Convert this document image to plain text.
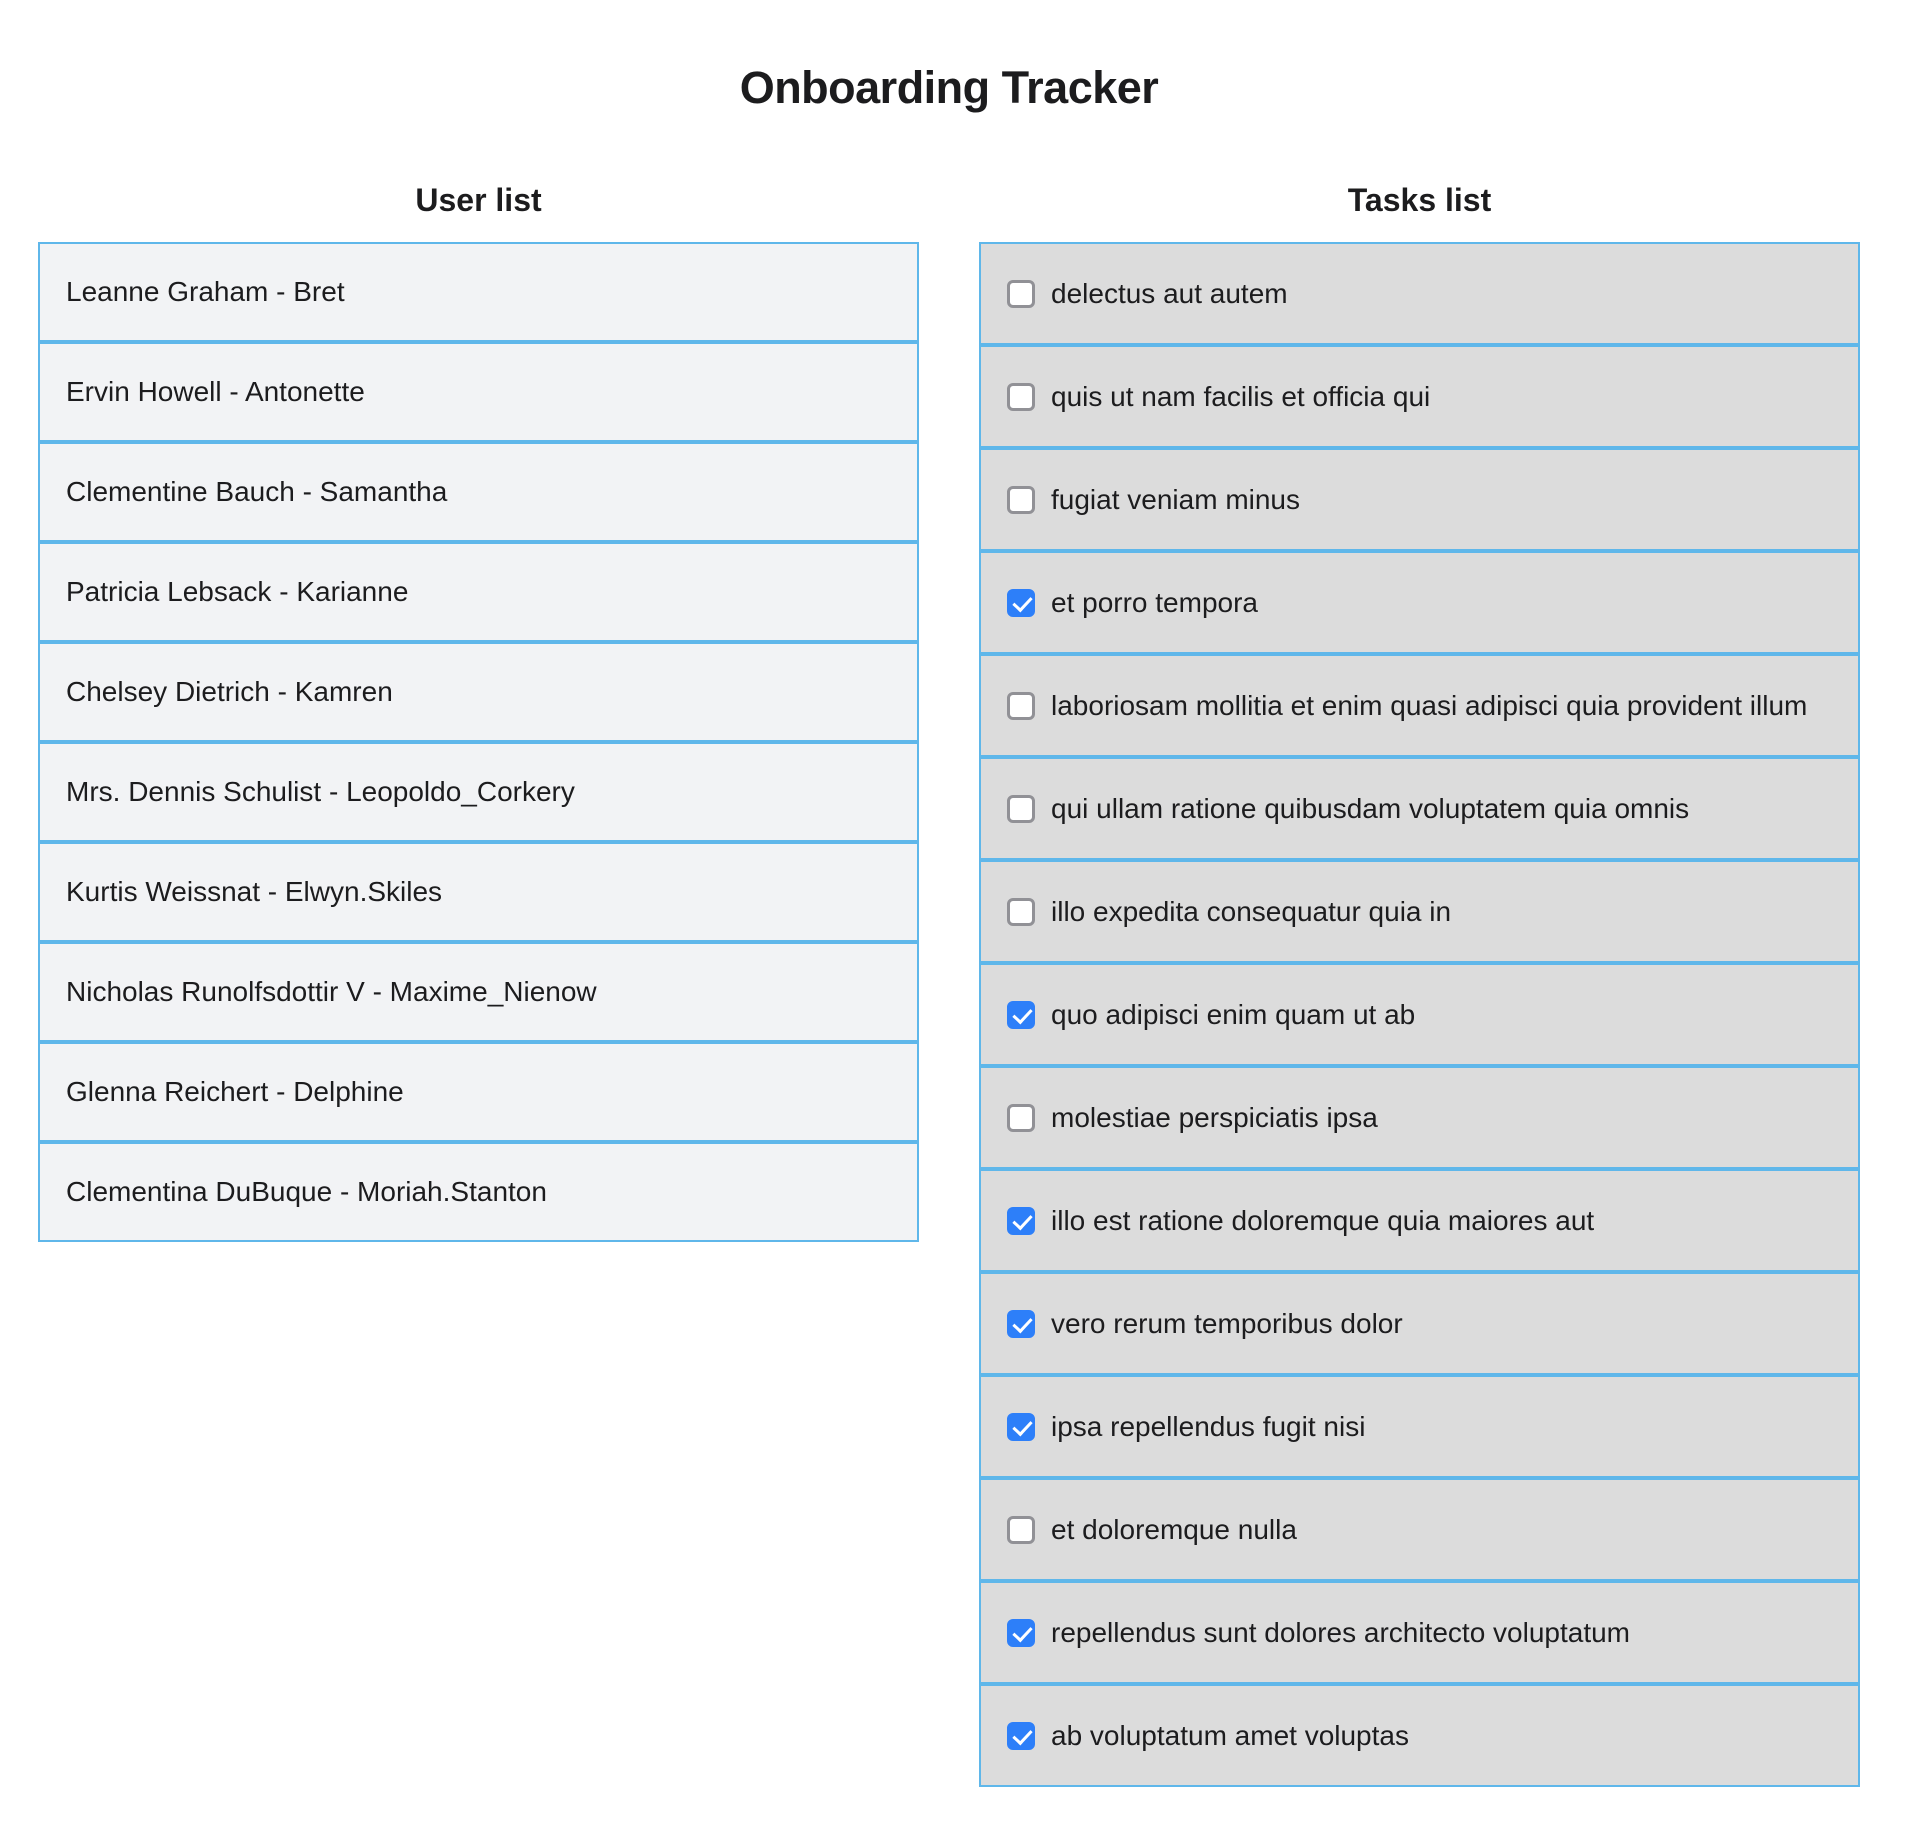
Onboarding Tracker
User list
Leanne Graham - Bret
Ervin Howell - Antonette
Clementine Bauch - Samantha
Patricia Lebsack - Karianne
Chelsey Dietrich - Kamren
Mrs. Dennis Schulist - Leopoldo_Corkery
Kurtis Weissnat - Elwyn.Skiles
Nicholas Runolfsdottir V - Maxime_Nienow
Glenna Reichert - Delphine
Clementina DuBuque - Moriah.Stanton
Tasks list
delectus aut autem
quis ut nam facilis et officia qui
fugiat veniam minus
et porro tempora
laboriosam mollitia et enim quasi adipisci quia provident illum
qui ullam ratione quibusdam voluptatem quia omnis
illo expedita consequatur quia in
quo adipisci enim quam ut ab
molestiae perspiciatis ipsa
illo est ratione doloremque quia maiores aut
vero rerum temporibus dolor
ipsa repellendus fugit nisi
et doloremque nulla
repellendus sunt dolores architecto voluptatum
ab voluptatum amet voluptas
